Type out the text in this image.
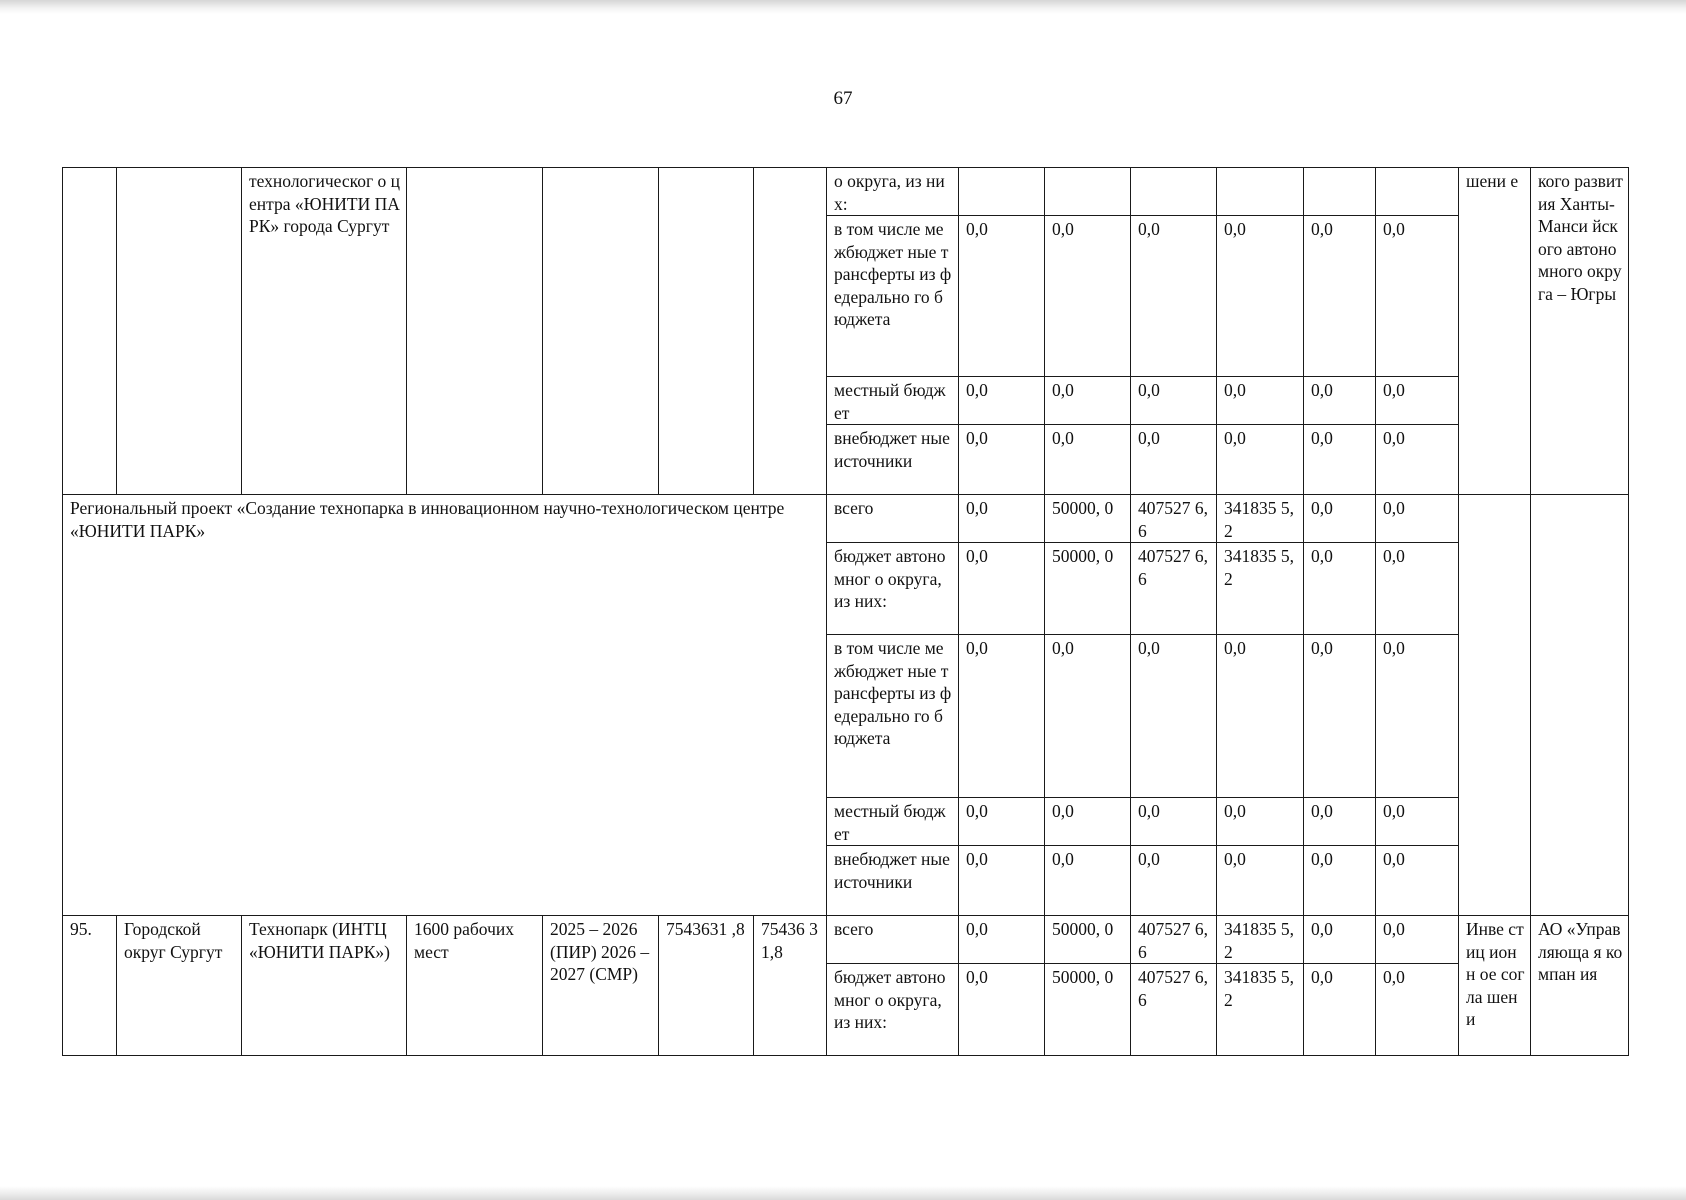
67
		технологическог о центра «ЮНИТИ ПАРК» города Сургут					о округа, из них:							шени е	кого развит ия Ханты-Манси йского автоно много округа – Югры
							в том числе межбюджет ные трансферты из федерально го бюджета	0,0	0,0	0,0	0,0	0,0	0,0		
							местный бюджет	0,0	0,0	0,0	0,0	0,0	0,0		
							внебюджет ные источники	0,0	0,0	0,0	0,0	0,0	0,0		
Региональный проект «Создание технопарка в инновационном научно-технологическом центре «ЮНИТИ ПАРК»							всего	0,0	50000, 0	407527 6,6	341835 5,2	0,0	0,0		
							бюджет автономног о округа, из них:	0,0	50000, 0	407527 6,6	341835 5,2	0,0	0,0		
							в том числе межбюджет ные трансферты из федерально го бюджета	0,0	0,0	0,0	0,0	0,0	0,0		
							местный бюджет	0,0	0,0	0,0	0,0	0,0	0,0		
							внебюджет ные источники	0,0	0,0	0,0	0,0	0,0	0,0		
95.	Городской округ Сургут	Технопарк (ИНТЦ «ЮНИТИ ПАРК»)	1600 рабочих мест	2025 – 2026 (ПИР) 2026 – 2027 (СМР)	7543631 ,8	75436 31,8	всего	0,0	50000, 0	407527 6,6	341835 5,2	0,0	0,0	Инве стиц ионн ое согла шени	АО «Управ ляюща я компан ия
							бюджет автономног о округа, из них:	0,0	50000, 0	407527 6,6	341835 5,2	0,0	0,0		
